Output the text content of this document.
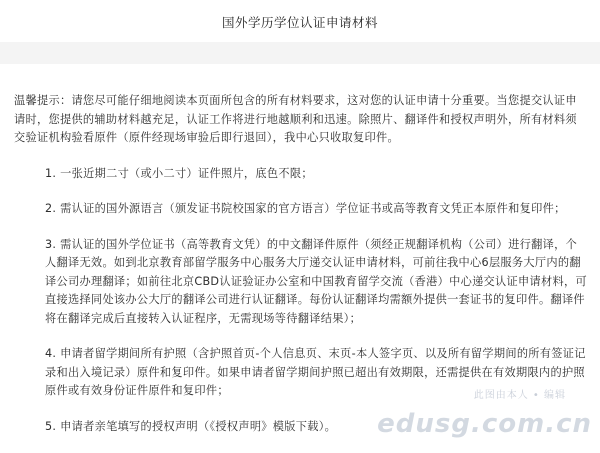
国外学历学位认证申请材料

温馨提示：请您尽可能仔细地阅读本页面所包含的所有材料要求，这对您的认证申请十分重要。当您提交认证申请时，您提供的辅助材料越充足，认证工作将进行地越顺利和迅速。除照片、翻译件和授权声明外，所有材料须交验证机构验看原件（原件经现场审验后即行退回），我中心只收取复印件。

1. 一张近期二寸（或小二寸）证件照片，底色不限；

2. 需认证的国外源语言（颁发证书院校国家的官方语言）学位证书或高等教育文凭正本原件和复印件；

3. 需认证的国外学位证书（高等教育文凭）的中文翻译件原件（须经正规翻译机构（公司）进行翻译，个人翻译无效。如到北京教育部留学服务中心服务大厅递交认证申请材料，可前往我中心6层服务大厅内的翻译公司办理翻译；如前往北京CBD认证验证办公室和中国教育留学交流（香港）中心递交认证申请材料，可直接选择同处该办公大厅的翻译公司进行认证翻译。每份认证翻译均需额外提供一套证书的复印件。翻译件将在翻译完成后直接转入认证程序，无需现场等待翻译结果）；

4. 申请者留学期间所有护照（含护照首页-个人信息页、末页-本人签字页、以及所有留学期间的所有签证记录和出入境记录）原件和复印件。如果申请者留学期间护照已超出有效期限，还需提供在有效期限内的护照原件或有效身份证件原件和复印件；

5. 申请者亲笔填写的授权声明（《授权声明》模版下载）。

此图由本人 • 编辑
edusg.com.cn
